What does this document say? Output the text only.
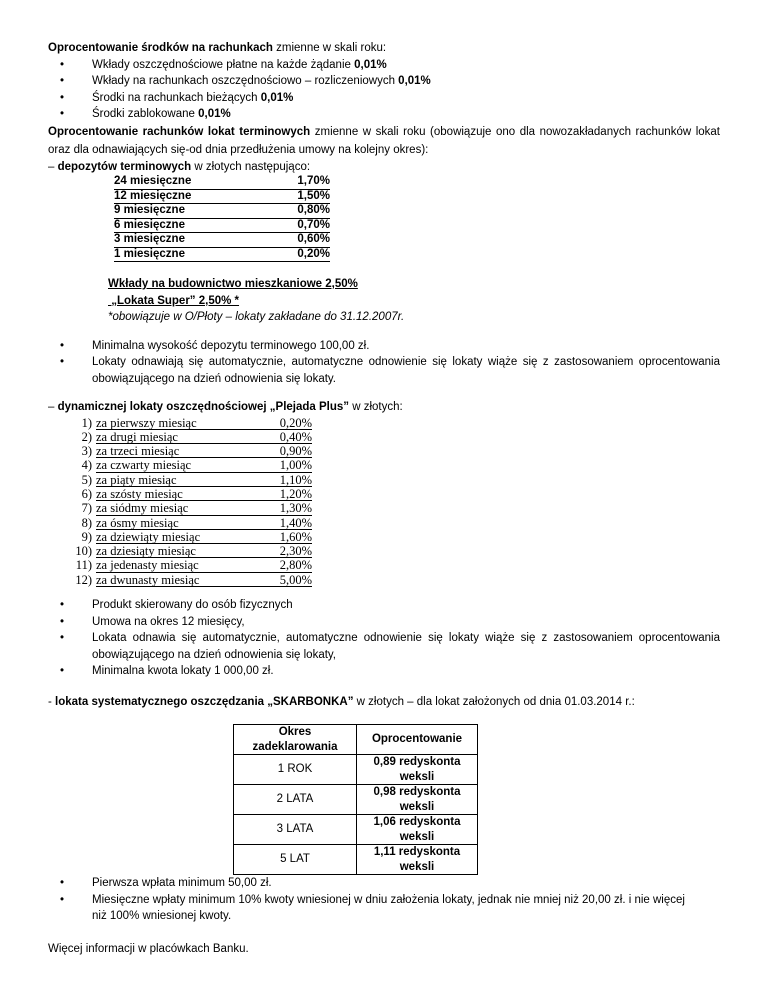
Oprocentowanie środków na rachunkach zmienne w skali roku:
• Wkłady oszczędnościowe płatne na każde żądanie 0,01%
• Wkłady na rachunkach oszczędnościowo – rozliczeniowych 0,01%
• Środki na rachunkach bieżących 0,01%
• Środki zablokowane 0,01%
Oprocentowanie rachunków lokat terminowych zmienne w skali roku (obowiązuje ono dla nowozakładanych rachunków lokat oraz dla odnawiających się-od dnia przedłużenia umowy na kolejny okres):
– depozytów terminowych w złotych następująco:
24 miesięczne	1,70%
12 miesięczne	1,50%
9 miesięczne	0,80%
6 miesięczne	0,70%
3 miesięczne	0,60%
1 miesięczne	0,20%
Wkłady na budownictwo mieszkaniowe 2,50%
„Lokata Super” 2,50% *
*obowiązuje w O/Płoty – lokaty zakładane do 31.12.2007r.
• Minimalna wysokość depozytu terminowego 100,00 zł.
• Lokaty odnawiają się automatycznie, automatyczne odnowienie się lokaty wiąże się z zastosowaniem oprocentowania obowiązującego na dzień odnowienia się lokaty.
– dynamicznej lokaty oszczędnościowej „Plejada Plus” w złotych:
1) za pierwszy miesiąc	0,20%
2) za drugi miesiąc	0,40%
3) za trzeci miesiąc	0,90%
4) za czwarty miesiąc	1,00%
5) za piąty miesiąc	1,10%
6) za szósty miesiąc	1,20%
7) za siódmy miesiąc	1,30%
8) za ósmy miesiąc	1,40%
9) za dziewiąty miesiąc	1,60%
10) za dziesiąty miesiąc	2,30%
11) za jedenasty miesiąc	2,80%
12) za dwunasty miesiąc	5,00%
• Produkt skierowany do osób fizycznych
• Umowa na okres 12 miesięcy,
• Lokata odnawia się automatycznie, automatyczne odnowienie się lokaty wiąże się z zastosowaniem oprocentowania obowiązującego na dzień odnowienia się lokaty,
• Minimalna kwota lokaty 1 000,00 zł.
- lokata systematycznego oszczędzania „SKARBONKA” w złotych – dla lokat założonych od dnia 01.03.2014 r.:
Okres zadeklarowania	Oprocentowanie
1 ROK	0,89 redyskonta weksli
2 LATA	0,98 redyskonta weksli
3 LATA	1,06 redyskonta weksli
5 LAT	1,11 redyskonta weksli
• Pierwsza wpłata minimum 50,00 zł.
• Miesięczne wpłaty minimum 10% kwoty wniesionej w dniu założenia lokaty, jednak nie mniej niż 20,00 zł. i nie więcej niż 100% wniesionej kwoty.
Więcej informacji w placówkach Banku.
